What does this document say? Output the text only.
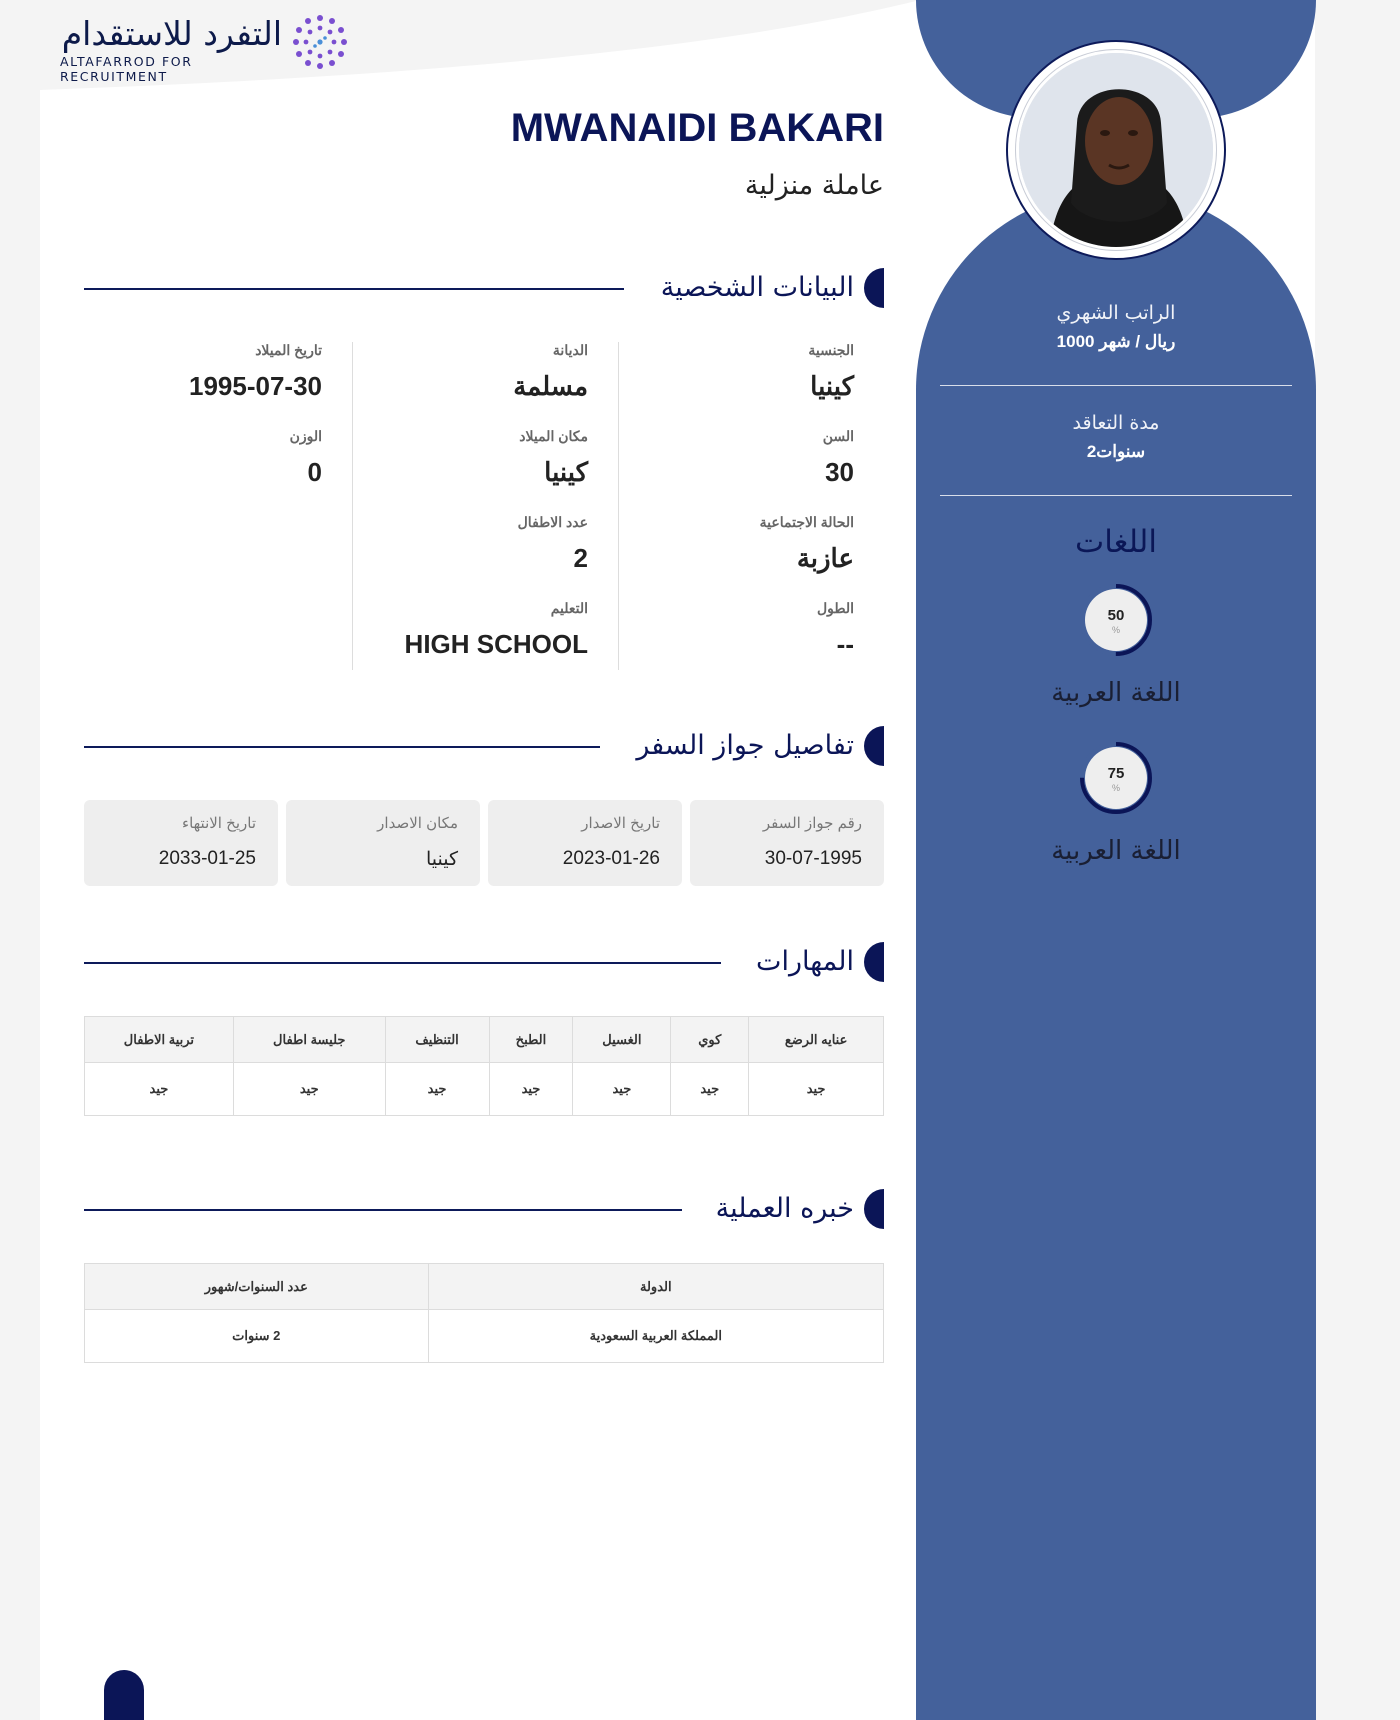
التفرد للاستقدام
ALTAFARROD FOR RECRUITMENT
الراتب الشهري
1000 ريال / شهر
مدة التعاقد
2سنوات
اللغات
50
%
اللغة العربية
75
%
اللغة العربية
MWANAIDI BAKARI
عاملة منزلية
البيانات الشخصية
الجنسية
كينيا
السن
30
الحالة الاجتماعية
عازبة
الطول
--
الديانة
مسلمة
مكان الميلاد
كينيا
عدد الاطفال
2
التعليم
HIGH SCHOOL
تاريخ الميلاد
1995-07-30
الوزن
0
تفاصيل جواز السفر
رقم جواز السفر
30-07-1995
تاريخ الاصدار
2023-01-26
مكان الاصدار
كينيا
تاريخ الانتهاء
2033-01-25
المهارات
عنايه الرضع	كوي	الغسيل	الطبخ	التنظيف	جليسة اطفال	تربية الاطفال
جيد	جيد	جيد	جيد	جيد	جيد	جيد
خبره العملية
الدولة	عدد السنوات/شهور
المملكة العربية السعودية	2 سنوات
